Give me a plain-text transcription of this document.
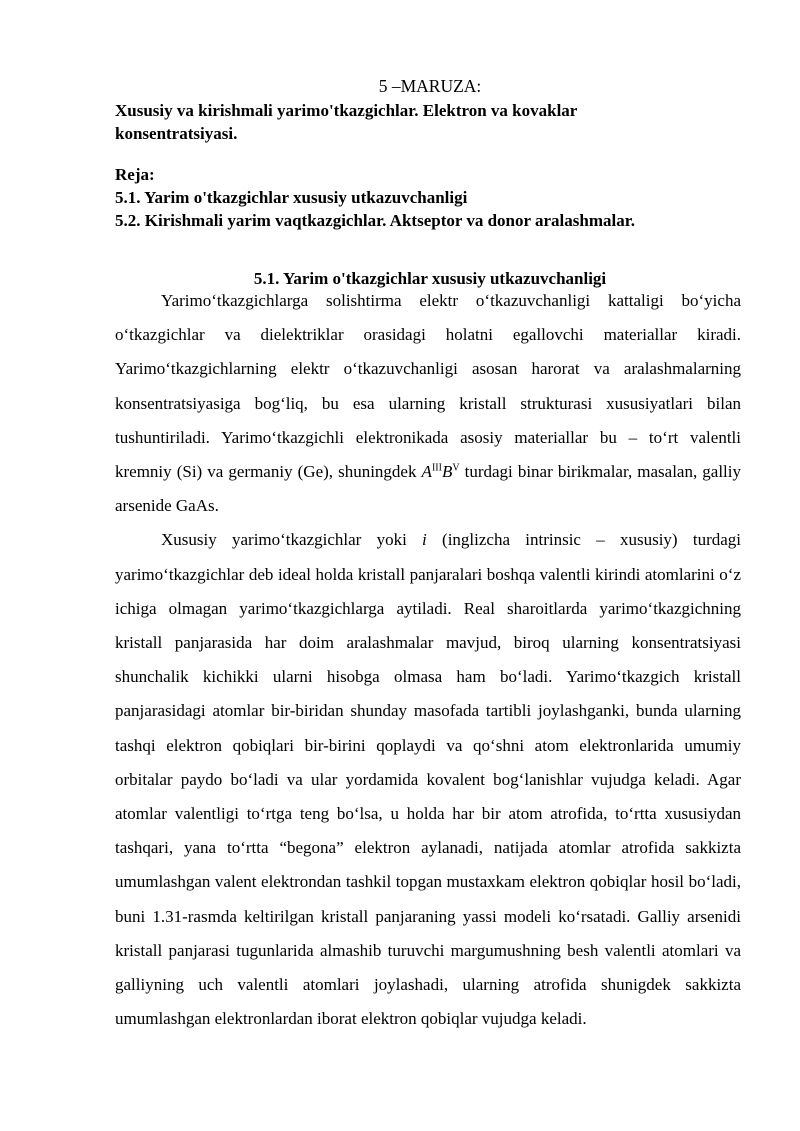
5 –MARUZA:
Xususiy va kirishmali yarimo'tkazgichlar. Elektron va kovaklar konsentratsiyasi.
Reja:
5.1. Yarim o'tkazgichlar xususiy utkazuvchanligi
5.2. Kirishmali yarim vaqtkazgichlar. Aktseptor va donor aralashmalar.
5.1. Yarim o'tkazgichlar xususiy utkazuvchanligi

Yarimo‘tkazgichlarga solishtirma elektr o‘tkazuvchanligi kattaligi bo‘yicha o‘tkazgichlar va dielektriklar orasidagi holatni egallovchi materiallar kiradi. Yarimo‘tkazgichlarning elektr o‘tkazuvchanligi asosan harorat va aralashmalarning konsentratsiyasiga bog‘liq, bu esa ularning kristall strukturasi xususiyatlari bilan tushuntiriladi. Yarimo‘tkazgichli elektronikada asosiy materiallar bu – to‘rt valentli kremniy (Si) va germaniy (Ge), shuningdek $A^{III}B^V$ turdagi binar birikmalar, masalan, galliy arsenide GaAs.

Xususiy yarimo‘tkazgichlar yoki i (inglizcha intrinsic – xususiy) turdagi yarimo‘tkazgichlar deb ideal holda kristall panjaralari boshqa valentli kirindi atomlarini o‘z ichiga olmagan yarimo‘tkazgichlarga aytiladi. Real sharoitlarda yarimo‘tkazgichning kristall panjarasida har doim aralashmalar mavjud, biroq ularning konsentratsiyasi shunchalik kichikki ularni hisobga olmasa ham bo‘ladi. Yarimo‘tkazgich kristall panjarasidagi atomlar bir-biridan shunday masofada tartibli joylashganki, bunda ularning tashqi elektron qobiqlari bir-birini qoplaydi va qo‘shni atom elektronlarida umumiy orbitalar paydo bo‘ladi va ular yordamida kovalent bog‘lanishlar vujudga keladi. Agar atomlar valentligi to‘rtga teng bo‘lsa, u holda har bir atom atrofida, to‘rtta xususiydan tashqari, yana to‘rtta “begona” elektron aylanadi, natijada atomlar atrofida sakkizta umumlashgan valent elektrondan tashkil topgan mustaxkam elektron qobiqlar hosil bo‘ladi, buni 1.31-rasmda keltirilgan kristall panjaraning yassi modeli ko‘rsatadi. Galliy arsenidi kristall panjarasi tugunlarida almashib turuvchi margumushning besh valentli atomlari va galliyning uch valentli atomlari joylashadi, ularning atrofida shunigdek sakkizta umumlashgan elektronlardan iborat elektron qobiqlar vujudga keladi.
